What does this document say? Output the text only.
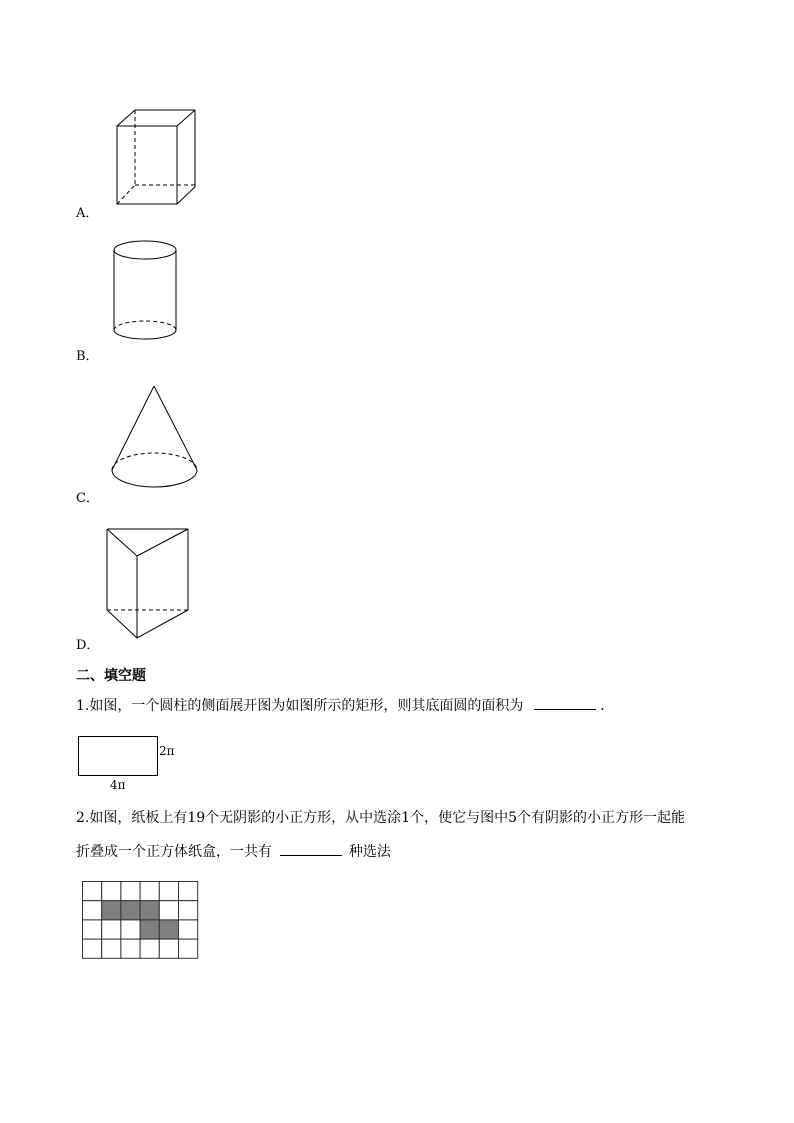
A．
B．
C．
D．
二、填空题
1.如图，一个圆柱的侧面展开图为如图所示的矩形，则其底面圆的面积为	．
2π
4π
2.如图，纸板上有19个无阴影的小正方形，从中选涂1个，使它与图中5个有阴影的小正方形一起能
折叠成一个正方体纸盒，一共有	种选法
